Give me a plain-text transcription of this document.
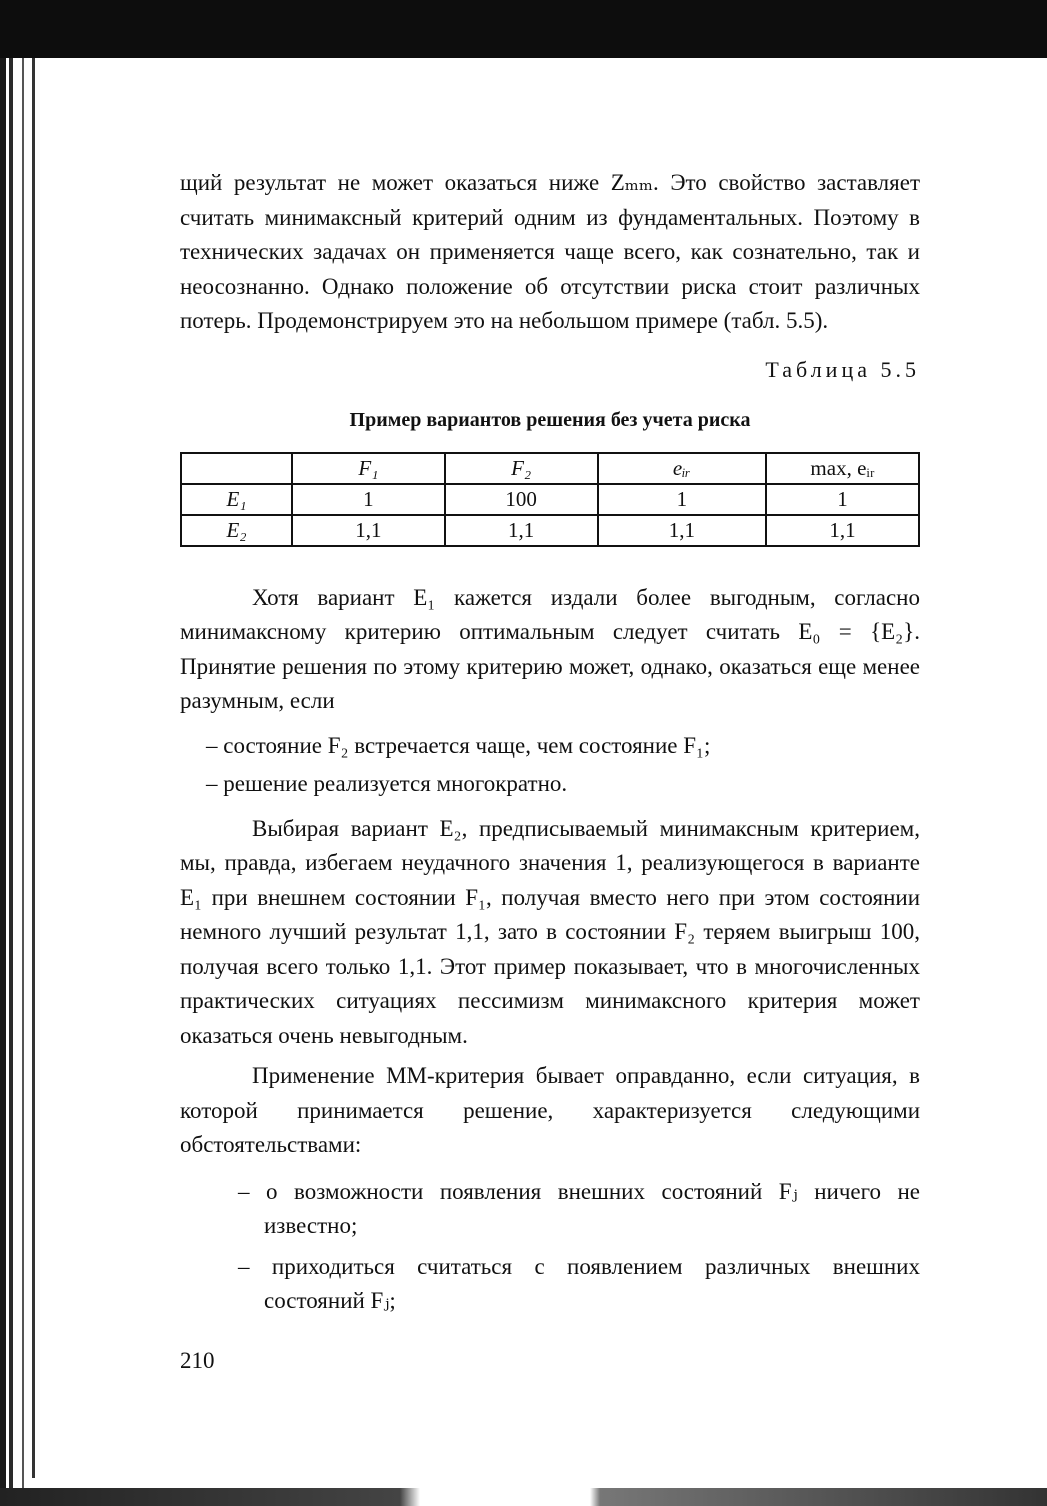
щий результат не может оказаться ниже Zₘₘ. Это свойство заставляет считать минимаксный критерий одним из фундаментальных. Поэтому в технических задачах он применяется чаще всего, как сознательно, так и неосознанно. Однако положение об отсутствии риска стоит различных потерь. Продемонстрируем это на небольшом примере (табл. 5.5).

Таблица 5.5

Пример вариантов решения без учета риска

	F₁	F₂	eᵢᵣ	max, eᵢᵣ
E₁	1	100	1	1
E₂	1,1	1,1	1,1	1,1

Хотя вариант E₁ кажется издали более выгодным, согласно минимаксному критерию оптимальным следует считать E₀ = {E₂}. Принятие решения по этому критерию может, однако, оказаться еще менее разумным, если

– состояние F₂ встречается чаще, чем состояние F₁;

– решение реализуется многократно.

Выбирая вариант E₂, предписываемый минимаксным критерием, мы, правда, избегаем неудачного значения 1, реализующегося в варианте E₁ при внешнем состоянии F₁, получая вместо него при этом состоянии немного лучший результат 1,1, зато в состоянии F₂ теряем выигрыш 100, получая всего только 1,1. Этот пример показывает, что в многочисленных практических ситуациях пессимизм минимаксного критерия может оказаться очень невыгодным.

Применение ММ-критерия бывает оправданно, если ситуация, в которой принимается решение, характеризуется следующими обстоятельствами:

– о возможности появления внешних состояний Fⱼ ничего не известно;

– приходиться считаться с появлением различных внешних состояний Fⱼ;

210
